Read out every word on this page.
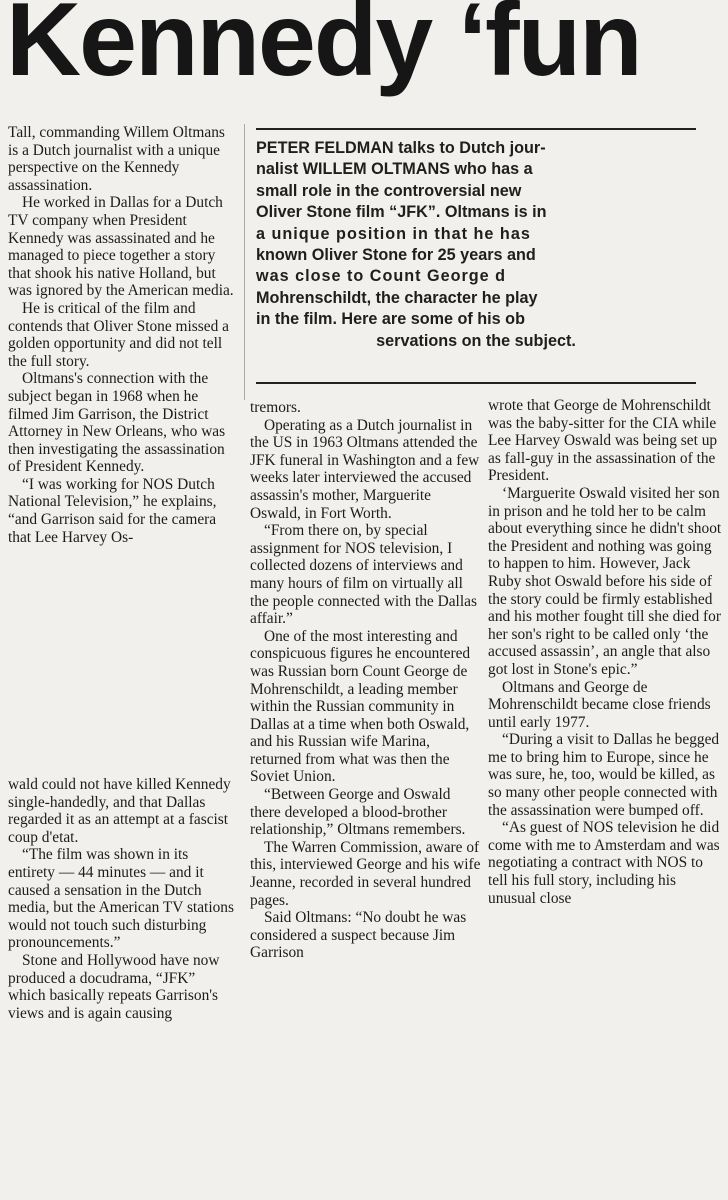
Kennedy ‘fun
PETER FELDMAN talks to Dutch jour-
nalist WILLEM OLTMANS who has a
small role in the controversial new
Oliver Stone film “JFK”. Oltmans is in
a unique position in that he has
known Oliver Stone for 25 years and
was close to Count George d
Mohrenschildt, the character he play
in the film. Here are some of his ob
servations on the subject.

Tall, commanding Willem Oltmans is a Dutch journalist with a unique perspective on the Kennedy assassination.

He worked in Dallas for a Dutch TV company when President Kennedy was assassinated and he managed to piece together a story that shook his native Holland, but was ignored by the American media.

He is critical of the film and contends that Oliver Stone missed a golden opportunity and did not tell the full story.

Oltmans's connection with the subject began in 1968 when he filmed Jim Garrison, the District Attorney in New Orleans, who was then investigating the assassination of President Kennedy.

“I was working for NOS Dutch National Television,” he explains, “and Garrison said for the camera that Lee Harvey Os-

wald could not have killed Kennedy single-handedly, and that Dallas regarded it as an attempt at a fascist coup d'etat.

“The film was shown in its entirety — 44 minutes — and it caused a sensation in the Dutch media, but the American TV stations would not touch such disturbing pronouncements.”

Stone and Hollywood have now produced a docudrama, “JFK” which basically repeats Garrison's views and is again causing

tremors.

Operating as a Dutch journalist in the US in 1963 Oltmans attended the JFK funeral in Washington and a few weeks later interviewed the accused assassin's mother, Marguerite Oswald, in Fort Worth.

“From there on, by special assignment for NOS television, I collected dozens of interviews and many hours of film on virtually all the people connected with the Dallas affair.”

One of the most interesting and conspicuous figures he encountered was Russian born Count George de Mohrenschildt, a leading member within the Russian community in Dallas at a time when both Oswald, and his Russian wife Marina, returned from what was then the Soviet Union.

“Between George and Oswald there developed a blood-brother relationship,” Oltmans remembers.

The Warren Commission, aware of this, interviewed George and his wife Jeanne, recorded in several hundred pages.

Said Oltmans: “No doubt he was considered a suspect because Jim Garrison

wrote that George de Mohrenschildt was the baby-sitter for the CIA while Lee Harvey Oswald was being set up as fall-guy in the assassination of the President.

‘Marguerite Oswald visited her son in prison and he told her to be calm about everything since he didn't shoot the President and nothing was going to happen to him. However, Jack Ruby shot Oswald before his side of the story could be firmly established and his mother fought till she died for her son's right to be called only ‘the accused assassin’, an angle that also got lost in Stone's epic.”

Oltmans and George de Mohrenschildt became close friends until early 1977.

“During a visit to Dallas he begged me to bring him to Europe, since he was sure, he, too, would be killed, as so many other people connected with the assassination were bumped off.

“As guest of NOS television he did come with me to Amsterdam and was negotiating a contract with NOS to tell his full story, including his unusual close
